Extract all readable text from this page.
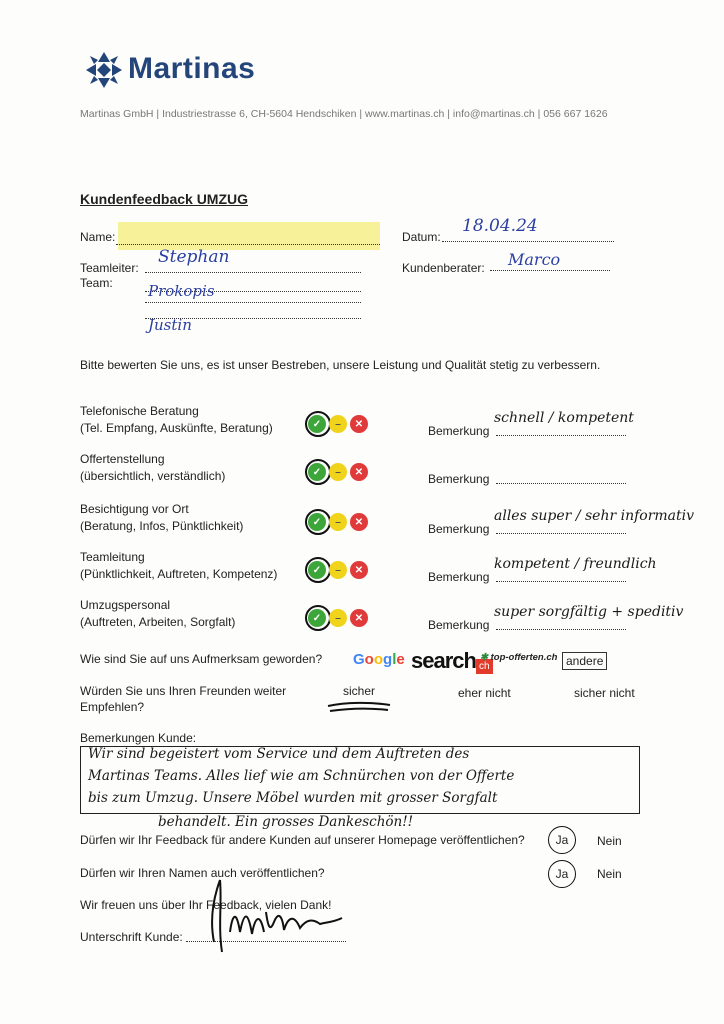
Martinas
Martinas GmbH | Industriestrasse 6, CH-5604 Hendschiken | www.martinas.ch | info@martinas.ch | 056 667 1626
Kundenfeedback UMZUG
Name:	Datum:
18.04.24
Teamleiter:
Stephan
Kundenberater: Marco
Team: Prokopis
Justin
Bitte bewerten Sie uns, es ist unser Bestreben, unsere Leistung und Qualität stetig zu verbessern.
Telefonische Beratung
(Tel. Empfang, Auskünfte, Beratung)	✓ – ✕	Bemerkung
schnell / kompetent
Offertenstellung
(übersichtlich, verständlich)	✓ – ✕	Bemerkung
Besichtigung vor Ort
(Beratung, Infos, Pünktlichkeit)	✓ – ✕	Bemerkung
alles super / sehr informativ
Teamleitung
(Pünktlichkeit, Auftreten, Kompetenz)	✓ – ✕	Bemerkung
kompetent / freundlich
Umzugspersonal
(Auftreten, Arbeiten, Sorgfalt)	✓ – ✕	Bemerkung
super sorgfältig + speditiv
Wie sind Sie auf uns Aufmerksam geworden? Google search ch
✱ top-offerten.ch andere
Würden Sie uns Ihren Freunden weiter
Empfehlen?
sicher	eher nicht	sicher nicht
Bemerkungen Kunde:
Wir sind begeistert vom Service und dem Auftreten des
Martinas Teams. Alles lief wie am Schnürchen von der Offerte
bis zum Umzug. Unsere Möbel wurden mit grosser Sorgfalt
behandelt. Ein grosses Dankeschön!!
Dürfen wir Ihr Feedback für andere Kunden auf unserer Homepage veröffentlichen?	Ja	Nein
Dürfen wir Ihren Namen auch veröffentlichen?	Ja	Nein
Wir freuen uns über Ihr Feedback, vielen Dank!
Unterschrift Kunde:
